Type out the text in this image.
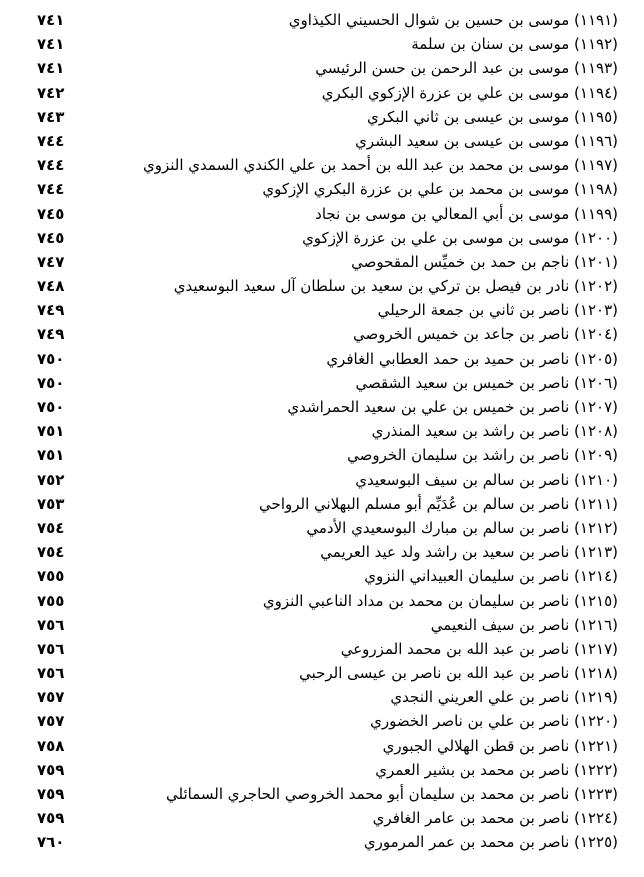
(١١٩١) موسى بن حسين بن شوال الحسيني الكيذاوي
٧٤١
(١١٩٢) موسى بن سنان بن سلمة
٧٤١
(١١٩٣) موسى بن عبد الرحمن بن حسن الرئيسي
٧٤١
(١١٩٤) موسى بن علي بن عزرة الإزكوي البكري
٧٤٢
(١١٩٥) موسى بن عيسى بن ثاني البكري
٧٤٣
(١١٩٦) موسى بن عيسى بن سعيد البشري
٧٤٤
(١١٩٧) موسى بن محمد بن عبد الله بن أحمد بن علي الكندي السمدي النزوي
٧٤٤
(١١٩٨) موسى بن محمد بن علي بن عزرة البكري الإزكوي
٧٤٤
(١١٩٩) موسى بن أبي المعالي بن موسى بن نجاد
٧٤٥
(١٢٠٠) موسى بن موسى بن علي بن عزرة الإزكوي
٧٤٥
(١٢٠١) ناجم بن حمد بن خميِّس المقحوصي
٧٤٧
(١٢٠٢) نادر بن فيصل بن تركي بن سعيد بن سلطان آل سعيد البوسعيدي
٧٤٨
(١٢٠٣) ناصر بن ثاني بن جمعة الرحيلي
٧٤٩
(١٢٠٤) ناصر بن جاعد بن خميس الخروصي
٧٤٩
(١٢٠٥) ناصر بن حميد بن حمد العطابي الغافري
٧٥٠
(١٢٠٦) ناصر بن خميس بن سعيد الشقصي
٧٥٠
(١٢٠٧) ناصر بن خميس بن علي بن سعيد الحمراشدي
٧٥٠
(١٢٠٨) ناصر بن راشد بن سعيد المنذري
٧٥١
(١٢٠٩) ناصر بن راشد بن سليمان الخروصي
٧٥١
(١٢١٠) ناصر بن سالم بن سيف البوسعيدي
٧٥٢
(١٢١١) ناصر بن سالم بن عُدَيِّم أبو مسلم البهلاني الرواحي
٧٥٣
(١٢١٢) ناصر بن سالم بن مبارك البوسعيدي الأدمي
٧٥٤
(١٢١٣) ناصر بن سعيد بن راشد ولد عيد العريمي
٧٥٤
(١٢١٤) ناصر بن سليمان العبيداني النزوي
٧٥٥
(١٢١٥) ناصر بن سليمان بن محمد بن مداد الناعبي النزوي
٧٥٥
(١٢١٦) ناصر بن سيف النعيمي
٧٥٦
(١٢١٧) ناصر بن عبد الله بن محمد المزروعي
٧٥٦
(١٢١٨) ناصر بن عبد الله بن ناصر بن عيسى الرحبي
٧٥٦
(١٢١٩) ناصر بن علي العريني النجدي
٧٥٧
(١٢٢٠) ناصر بن علي بن ناصر الخضوري
٧٥٧
(١٢٢١) ناصر بن قطن الهلالي الجبوري
٧٥٨
(١٢٢٢) ناصر بن محمد بن بشير العمري
٧٥٩
(١٢٢٣) ناصر بن محمد بن سليمان أبو محمد الخروصي الحاجري السمائلي
٧٥٩
(١٢٢٤) ناصر بن محمد بن عامر الغافري
٧٥٩
(١٢٢٥) ناصر بن محمد بن عمر المرموري
٧٦٠
